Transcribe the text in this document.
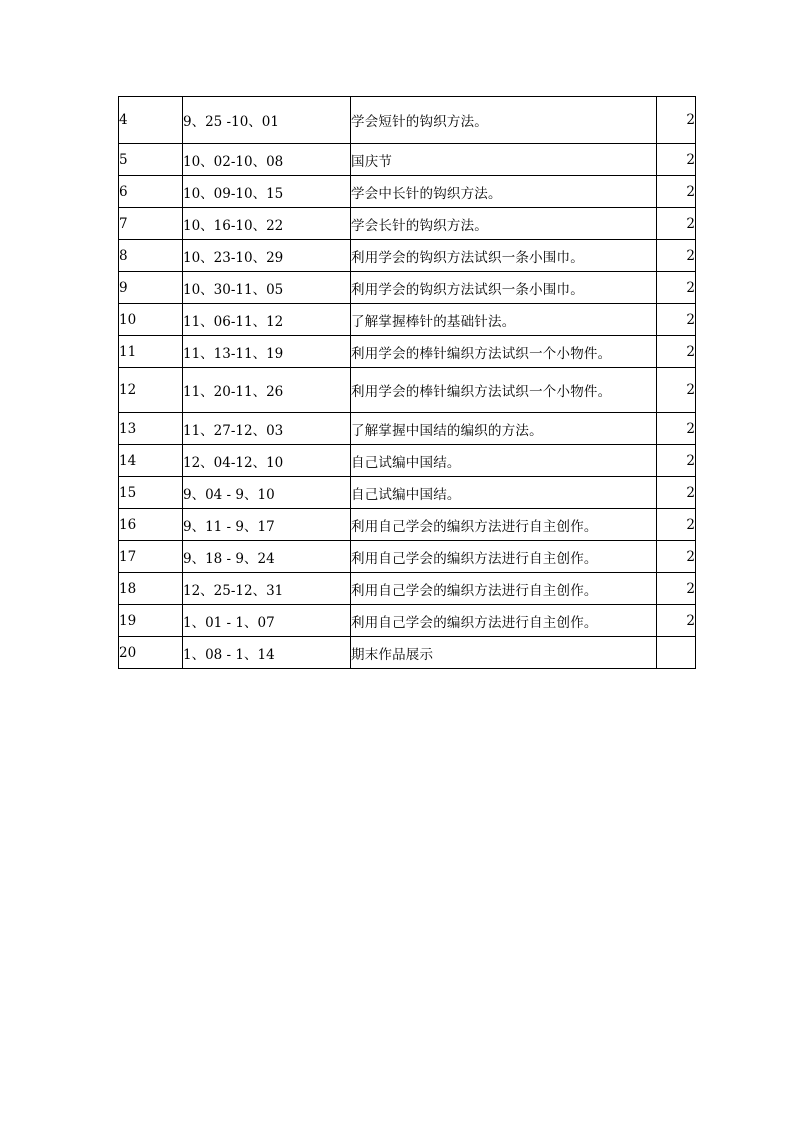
4	9、25 -10、01	学会短针的钩织方法。	2
5	10、02-10、08	国庆节	2
6	10、09-10、15	学会中长针的钩织方法。	2
7	10、16-10、22	学会长针的钩织方法。	2
8	10、23-10、29	利用学会的钩织方法试织一条小围巾。	2
9	10、30-11、05	利用学会的钩织方法试织一条小围巾。	2
10	11、06-11、12	了解掌握棒针的基础针法。	2
11	11、13-11、19	利用学会的棒针编织方法试织一个小物件。	2
12	11、20-11、26	利用学会的棒针编织方法试织一个小物件。	2
13	11、27-12、03	了解掌握中国结的编织的方法。	2
14	12、04-12、10	自己试编中国结。	2
15	9、04 - 9、10	自己试编中国结。	2
16	9、11 - 9、17	利用自己学会的编织方法进行自主创作。	2
17	9、18 - 9、24	利用自己学会的编织方法进行自主创作。	2
18	12、25-12、31	利用自己学会的编织方法进行自主创作。	2
19	1、01 - 1、07	利用自己学会的编织方法进行自主创作。	2
20	1、08 - 1、14	期末作品展示	
